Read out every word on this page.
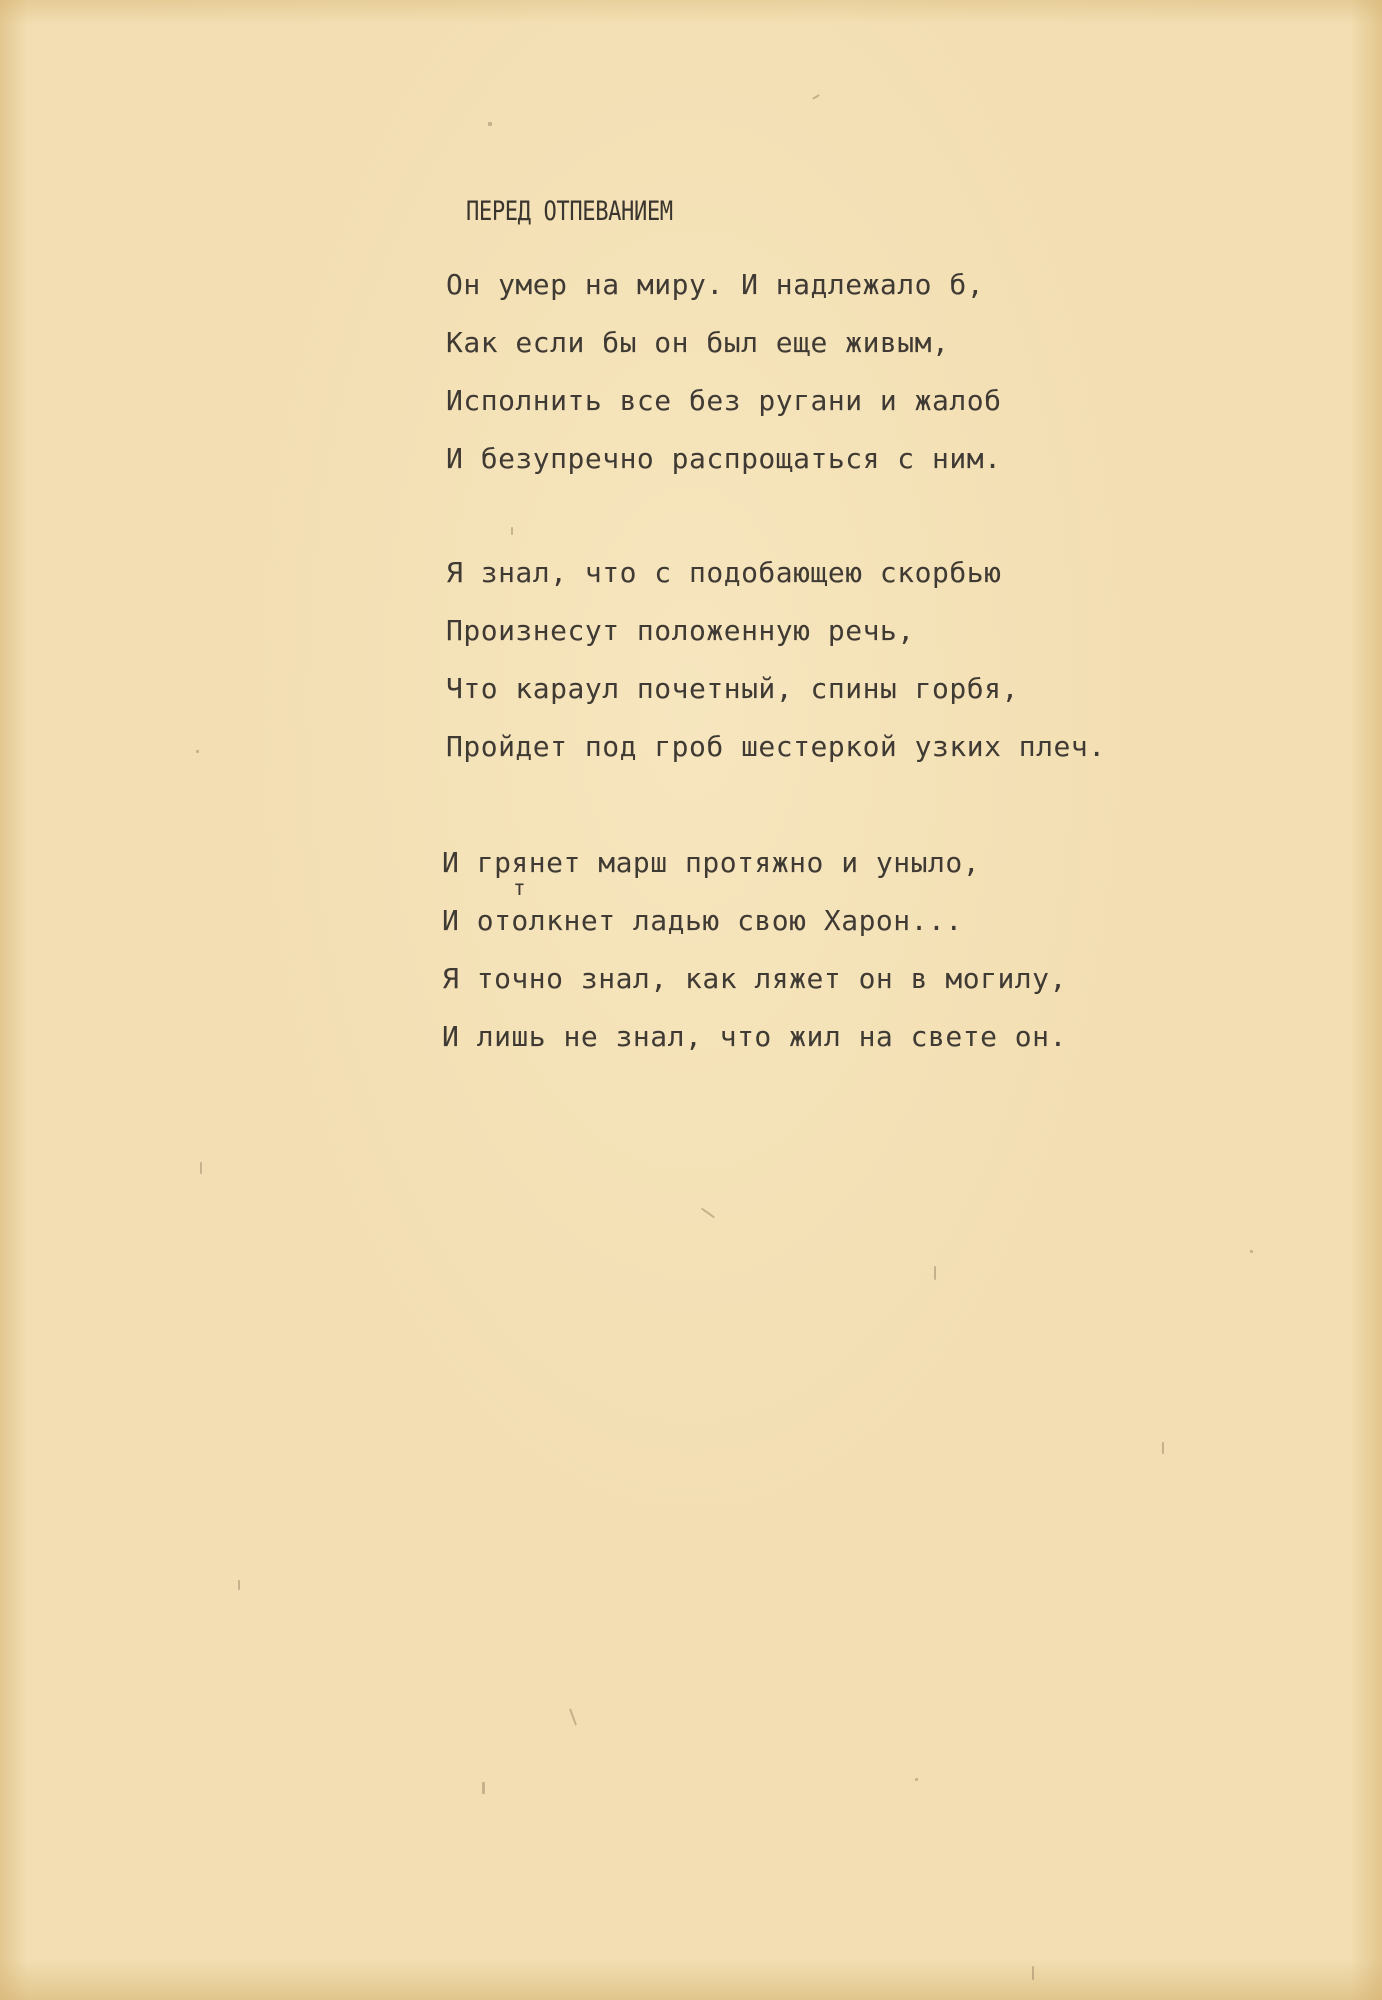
ПЕРЕД ОТПЕВАНИЕМ

Он умер на миру. И надлежало б,

Как если бы он был еще живым,

Исполнить все без ругани и жалоб

И безупречно распрощаться с ним.

Я знал, что с подобающею скорбью

Произнесут положенную речь,

Что караул почетный, спины горбя,

Пройдет под гроб шестеркой узких плеч.

И грянет марш протяжно и уныло,

т

И отолкнет ладью свою Харон...

Я точно знал, как ляжет он в могилу,

И лишь не знал, что жил на свете он.
